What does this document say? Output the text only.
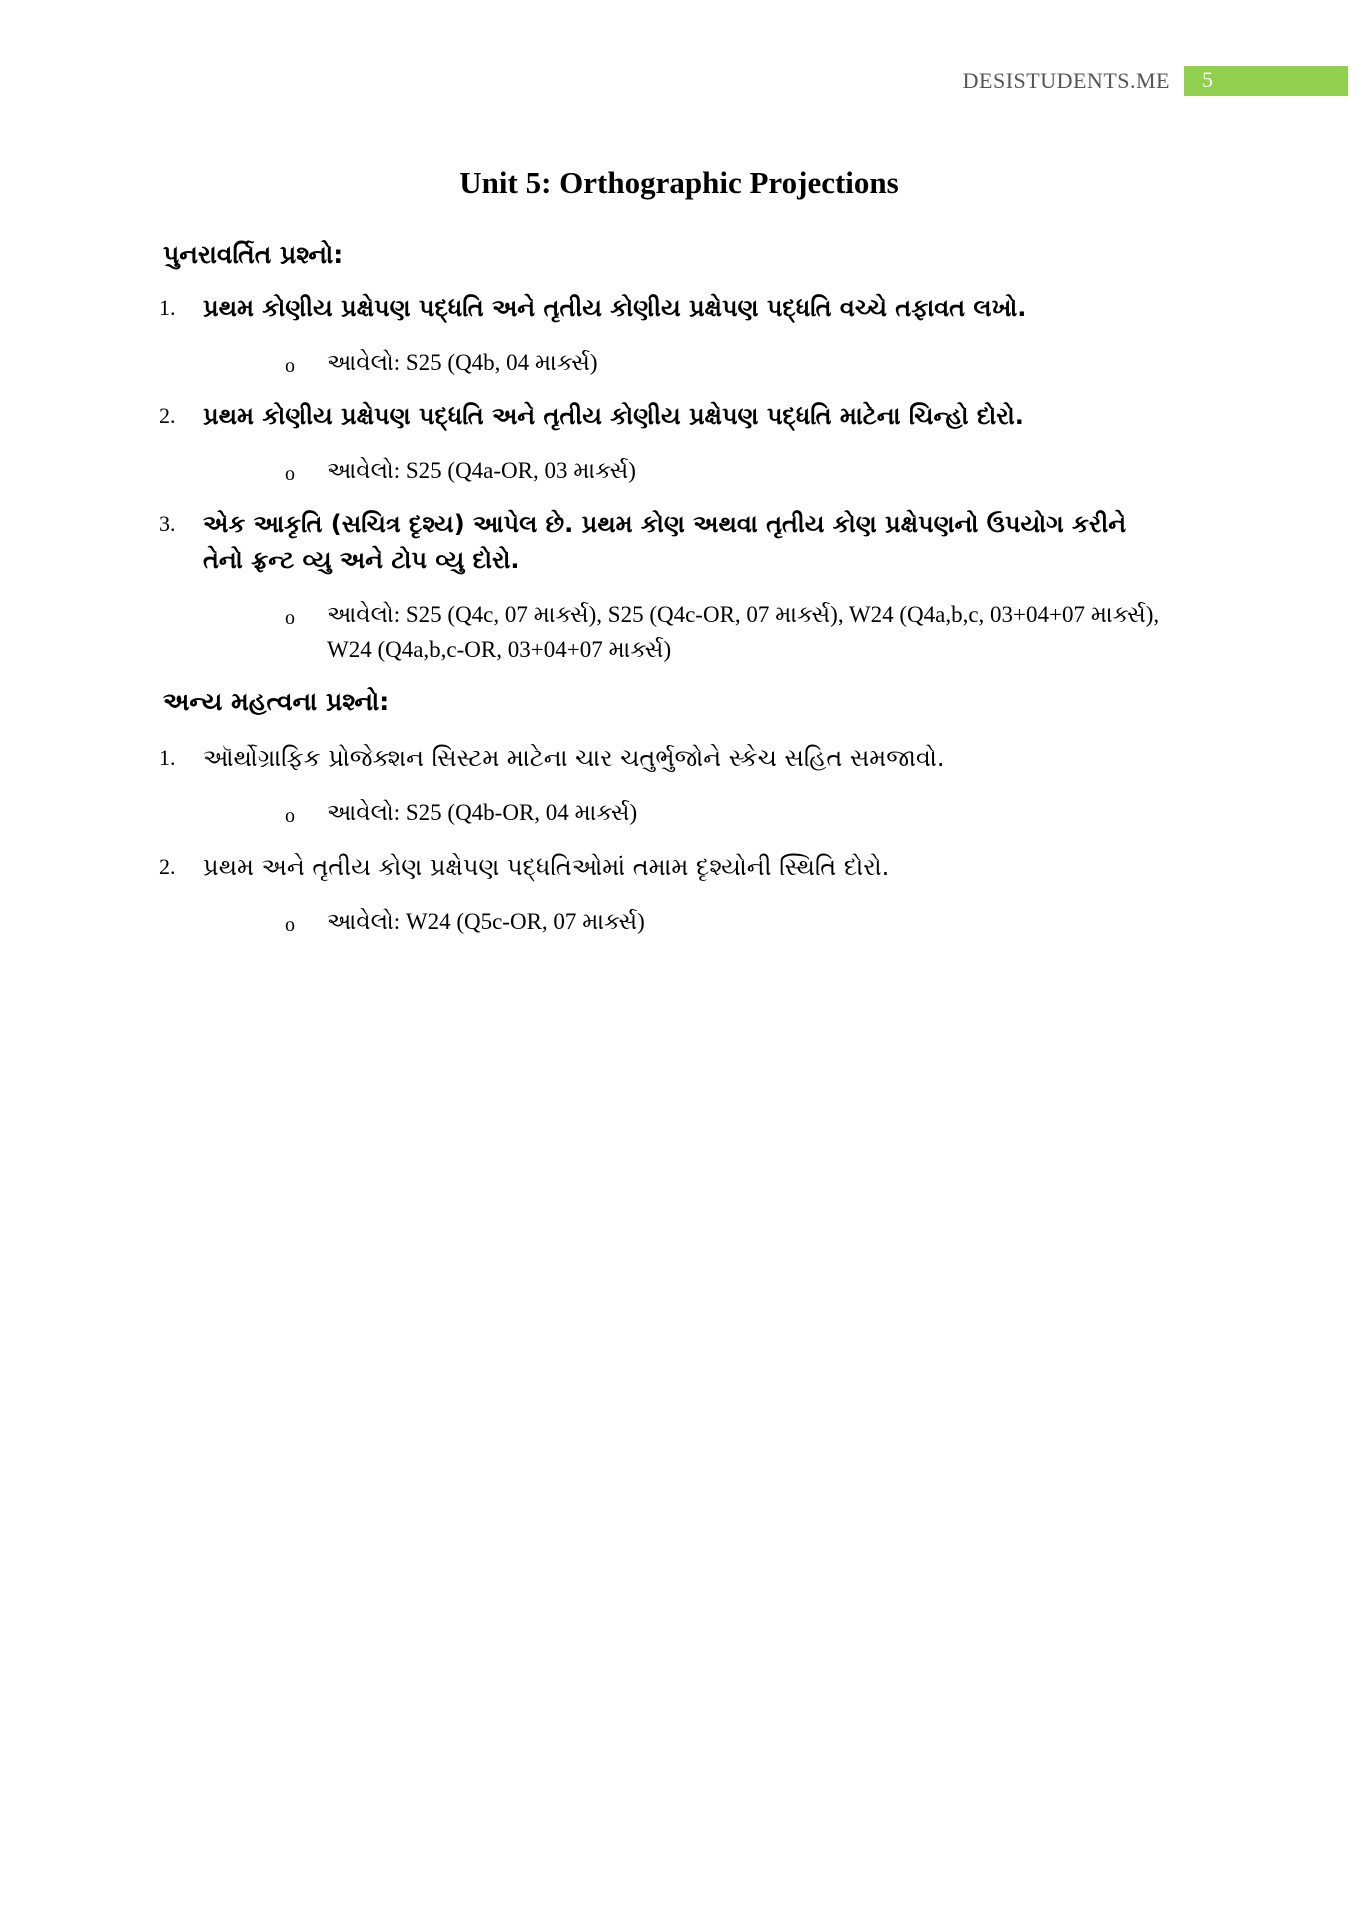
DESISTUDENTS.ME	5
Unit 5: Orthographic Projections
પુનરાવર્તિત પ્રશ્નો:
1. પ્રથમ કોણીય પ્રક્ષેપણ પદ્ધતિ અને તૃતીય કોણીય પ્રક્ષેપણ પદ્ધતિ વચ્ચે તફાવત લખો.
o આવેલો: S25 (Q4b, 04 માર્ક્સ)
2. પ્રથમ કોણીય પ્રક્ષેપણ પદ્ધતિ અને તૃતીય કોણીય પ્રક્ષેપણ પદ્ધતિ માટેના ચિન્હો દોરો.
o આવેલો: S25 (Q4a-OR, 03 માર્ક્સ)
3. એક આકૃતિ (સચિત્ર દૃશ્ય) આપેલ છે. પ્રથમ કોણ અથવા તૃતીય કોણ પ્રક્ષેપણનો ઉપયોગ કરીને તેનો ફ્રન્ટ વ્યુ અને ટોપ વ્યુ દોરો.
o આવેલો: S25 (Q4c, 07 માર્ક્સ), S25 (Q4c-OR, 07 માર્ક્સ), W24 (Q4a,b,c, 03+04+07 માર્ક્સ), W24 (Q4a,b,c-OR, 03+04+07 માર્ક્સ)
અન્ય મહત્વના પ્રશ્નો:
1. ઑર્થોગ્રાફિક પ્રોજેક્શન સિસ્ટમ માટેના ચાર ચતુર્ભુજોને સ્કેચ સહિત સમજાવો.
o આવેલો: S25 (Q4b-OR, 04 માર્ક્સ)
2. પ્રથમ અને તૃતીય કોણ પ્રક્ષેપણ પદ્ધતિઓમાં તમામ દૃશ્યોની સ્થિતિ દોરો.
o આવેલો: W24 (Q5c-OR, 07 માર્ક્સ)
